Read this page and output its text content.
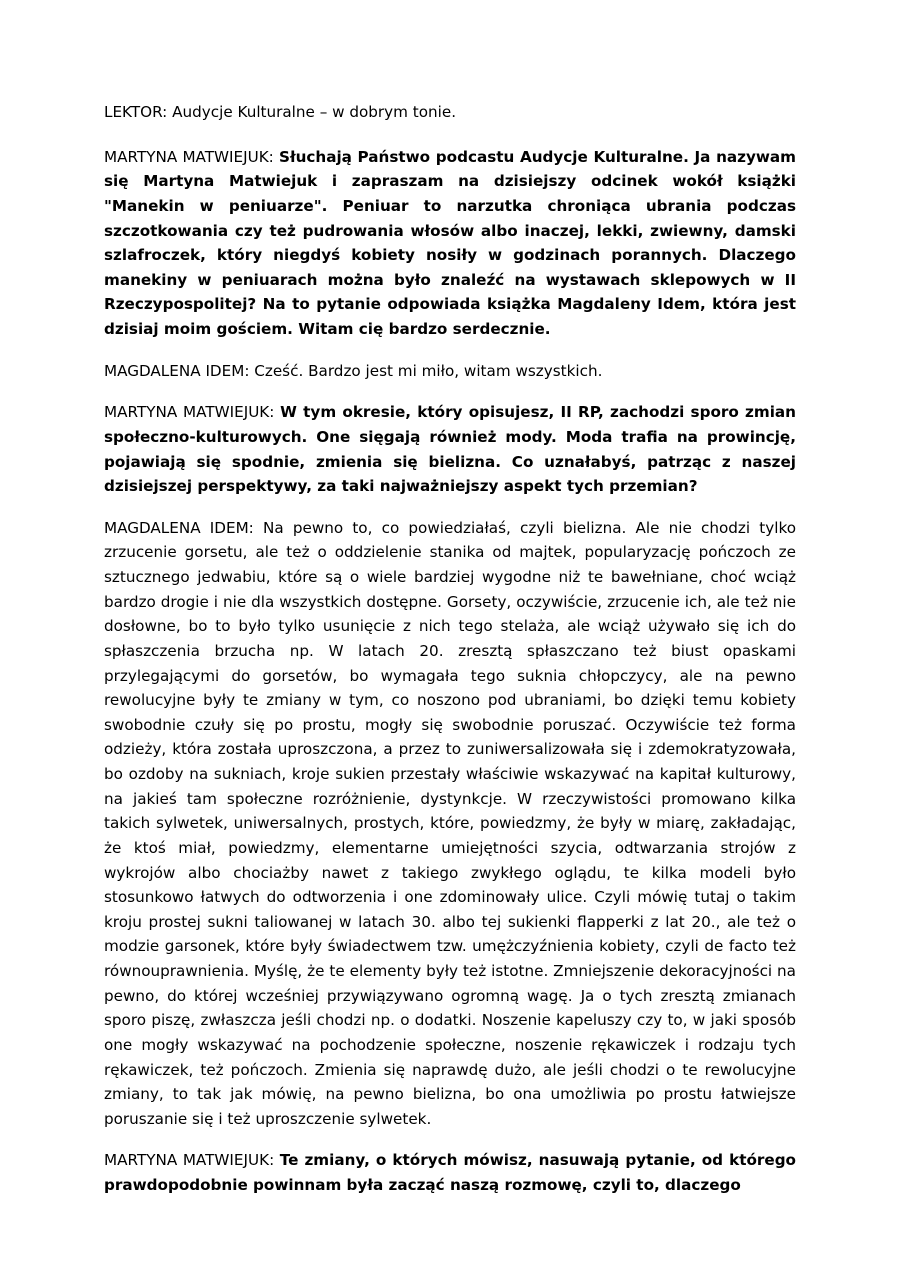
LEKTOR: Audycje Kulturalne – w dobrym tonie.

MARTYNA MATWIEJUK: Słuchają Państwo podcastu Audycje Kulturalne. Ja nazywam się Martyna Matwiejuk i zapraszam na dzisiejszy odcinek wokół książki "Manekin w peniuarze". Peniuar to narzutka chroniąca ubrania podczas szczotkowania czy też pudrowania włosów albo inaczej, lekki, zwiewny, damski szlafroczek, który niegdyś kobiety nosiły w godzinach porannych. Dlaczego manekiny w peniuarach można było znaleźć na wystawach sklepowych w II Rzeczypospolitej? Na to pytanie odpowiada książka Magdaleny Idem, która jest dzisiaj moim gościem. Witam cię bardzo serdecznie.

MAGDALENA IDEM: Cześć. Bardzo jest mi miło, witam wszystkich.

MARTYNA MATWIEJUK: W tym okresie, który opisujesz, II RP, zachodzi sporo zmian społeczno-kulturowych. One sięgają również mody. Moda trafia na prowincję, pojawiają się spodnie, zmienia się bielizna. Co uznałabyś, patrząc z naszej dzisiejszej perspektywy, za taki najważniejszy aspekt tych przemian?

MAGDALENA IDEM: Na pewno to, co powiedziałaś, czyli bielizna. Ale nie chodzi tylko zrzucenie gorsetu, ale też o oddzielenie stanika od majtek, popularyzację pończoch ze sztucznego jedwabiu, które są o wiele bardziej wygodne niż te bawełniane, choć wciąż bardzo drogie i nie dla wszystkich dostępne. Gorsety, oczywiście, zrzucenie ich, ale też nie dosłowne, bo to było tylko usunięcie z nich tego stelaża, ale wciąż używało się ich do spłaszczenia brzucha np. W latach 20. zresztą spłaszczano też biust opaskami przylegającymi do gorsetów, bo wymagała tego suknia chłopczycy, ale na pewno rewolucyjne były te zmiany w tym, co noszono pod ubraniami, bo dzięki temu kobiety swobodnie czuły się po prostu, mogły się swobodnie poruszać. Oczywiście też forma odzieży, która została uproszczona, a przez to zuniwersalizowała się i zdemokratyzowała, bo ozdoby na sukniach, kroje sukien przestały właściwie wskazywać na kapitał kulturowy, na jakieś tam społeczne rozróżnienie, dystynkcje. W rzeczywistości promowano kilka takich sylwetek, uniwersalnych, prostych, które, powiedzmy, że były w miarę, zakładając, że ktoś miał, powiedzmy, elementarne umiejętności szycia, odtwarzania strojów z wykrojów albo chociażby nawet z takiego zwykłego oglądu, te kilka modeli było stosunkowo łatwych do odtworzenia i one zdominowały ulice. Czyli mówię tutaj o takim kroju prostej sukni taliowanej w latach 30. albo tej sukienki flapperki z lat 20., ale też o modzie garsonek, które były świadectwem tzw. umężczyźnienia kobiety, czyli de facto też równouprawnienia. Myślę, że te elementy były też istotne. Zmniejszenie dekoracyjności na pewno, do której wcześniej przywiązywano ogromną wagę. Ja o tych zresztą zmianach sporo piszę, zwłaszcza jeśli chodzi np. o dodatki. Noszenie kapeluszy czy to, w jaki sposób one mogły wskazywać na pochodzenie społeczne, noszenie rękawiczek i rodzaju tych rękawiczek, też pończoch. Zmienia się naprawdę dużo, ale jeśli chodzi o te rewolucyjne zmiany, to tak jak mówię, na pewno bielizna, bo ona umożliwia po prostu łatwiejsze poruszanie się i też uproszczenie sylwetek.

MARTYNA MATWIEJUK: Te zmiany, o których mówisz, nasuwają pytanie, od którego prawdopodobnie powinnam była zacząć naszą rozmowę, czyli to, dlaczego
